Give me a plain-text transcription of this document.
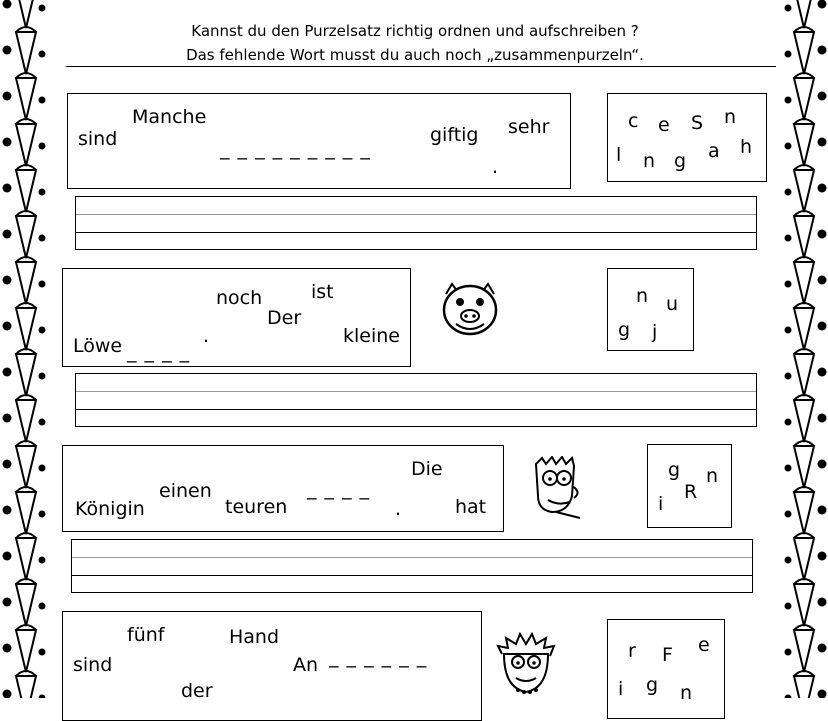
Kannst du den Purzelsatz richtig ordnen und aufschreiben ?
Das fehlende Wort musst du auch noch „zusammenpurzeln“.
sind
Manche
_ _ _ _ _ _ _ _ _
giftig sehr
.
c e S n
l n g a h
noch	ist
Der
Löwe _ _ _ _
.	kleine
n u
g j
Die
einen	_ _ _ _
Königin	teuren	.	hat
g n
R
i
fünf	Hand
sind	An _ _ _ _ _ _
der
r F e
i g n
